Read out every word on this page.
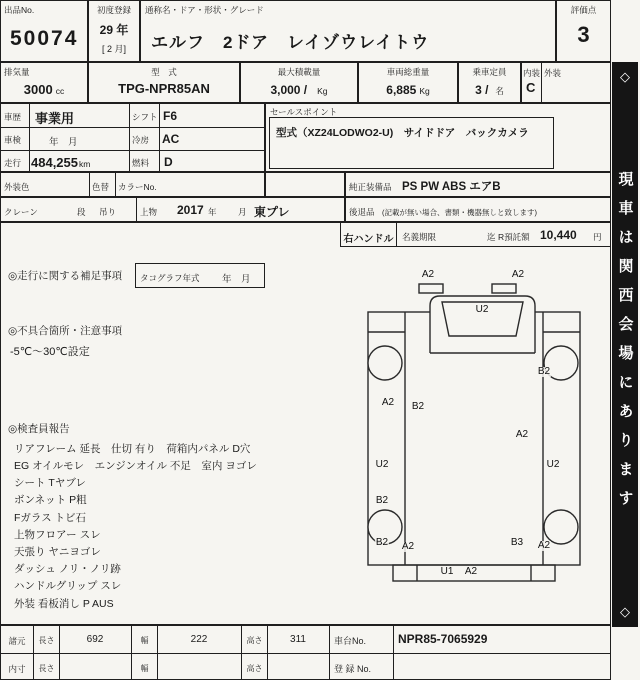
出品No.
50074
初度登録
29 年
[ 2 月]
通称名・ドア・形状・グレード
エルフ　2ドア　レイゾウレイトウ
評価点
3
排気量
3000 cc
型　式
TPG-NPR85AN
最大積載量
3,000 / Kg
車両総重量
6,885 Kg
乗車定員
3 / 名
内装 外装
C
車歴 事業用	シフト F6
車検	年　月	冷房 AC
走行 484,255km	燃料 D
セールスポイント
型式（XZ24LODWO2-U)　サイドドア　バックカメラ
外装色	色替 カラーNo.	純正装備品 PS PW ABS エアB
後退品 (記載が無い場合、書類・機器無しと致します)
クレーン	段 吊り	上物 2017 年	月 東プレ
右ハンドル 名義期限	迄 R預託額 10,440 円
◎走行に関する補足事項 タコグラフ年式 年　月
◎不具合箇所・注意事項
-5℃〜30℃設定
◎検査員報告
リアフレーム 延長　仕切 有り　荷箱内パネル D穴
EG オイルモレ　エンジンオイル 不足　室内 ヨゴレ
シート Tヤブレ
ボンネット P粗
Fガラス トビ石
上物フロアー スレ
天張り ヤニヨゴレ
ダッシュ ノリ・ノリ跡
ハンドルグリップ スレ
外装 看板消し P AUS
A2	A2
U2
B2
A2 B2
A2
U2	U2
B2
B2 A2	B3 A2
U1 A2
諸元	長さ	692	幅	222	高さ	311	車台No.	NPR85-7065929
内寸	長さ	幅	高さ	登 録 No.
◇
現車は関西会場にあります
◇
